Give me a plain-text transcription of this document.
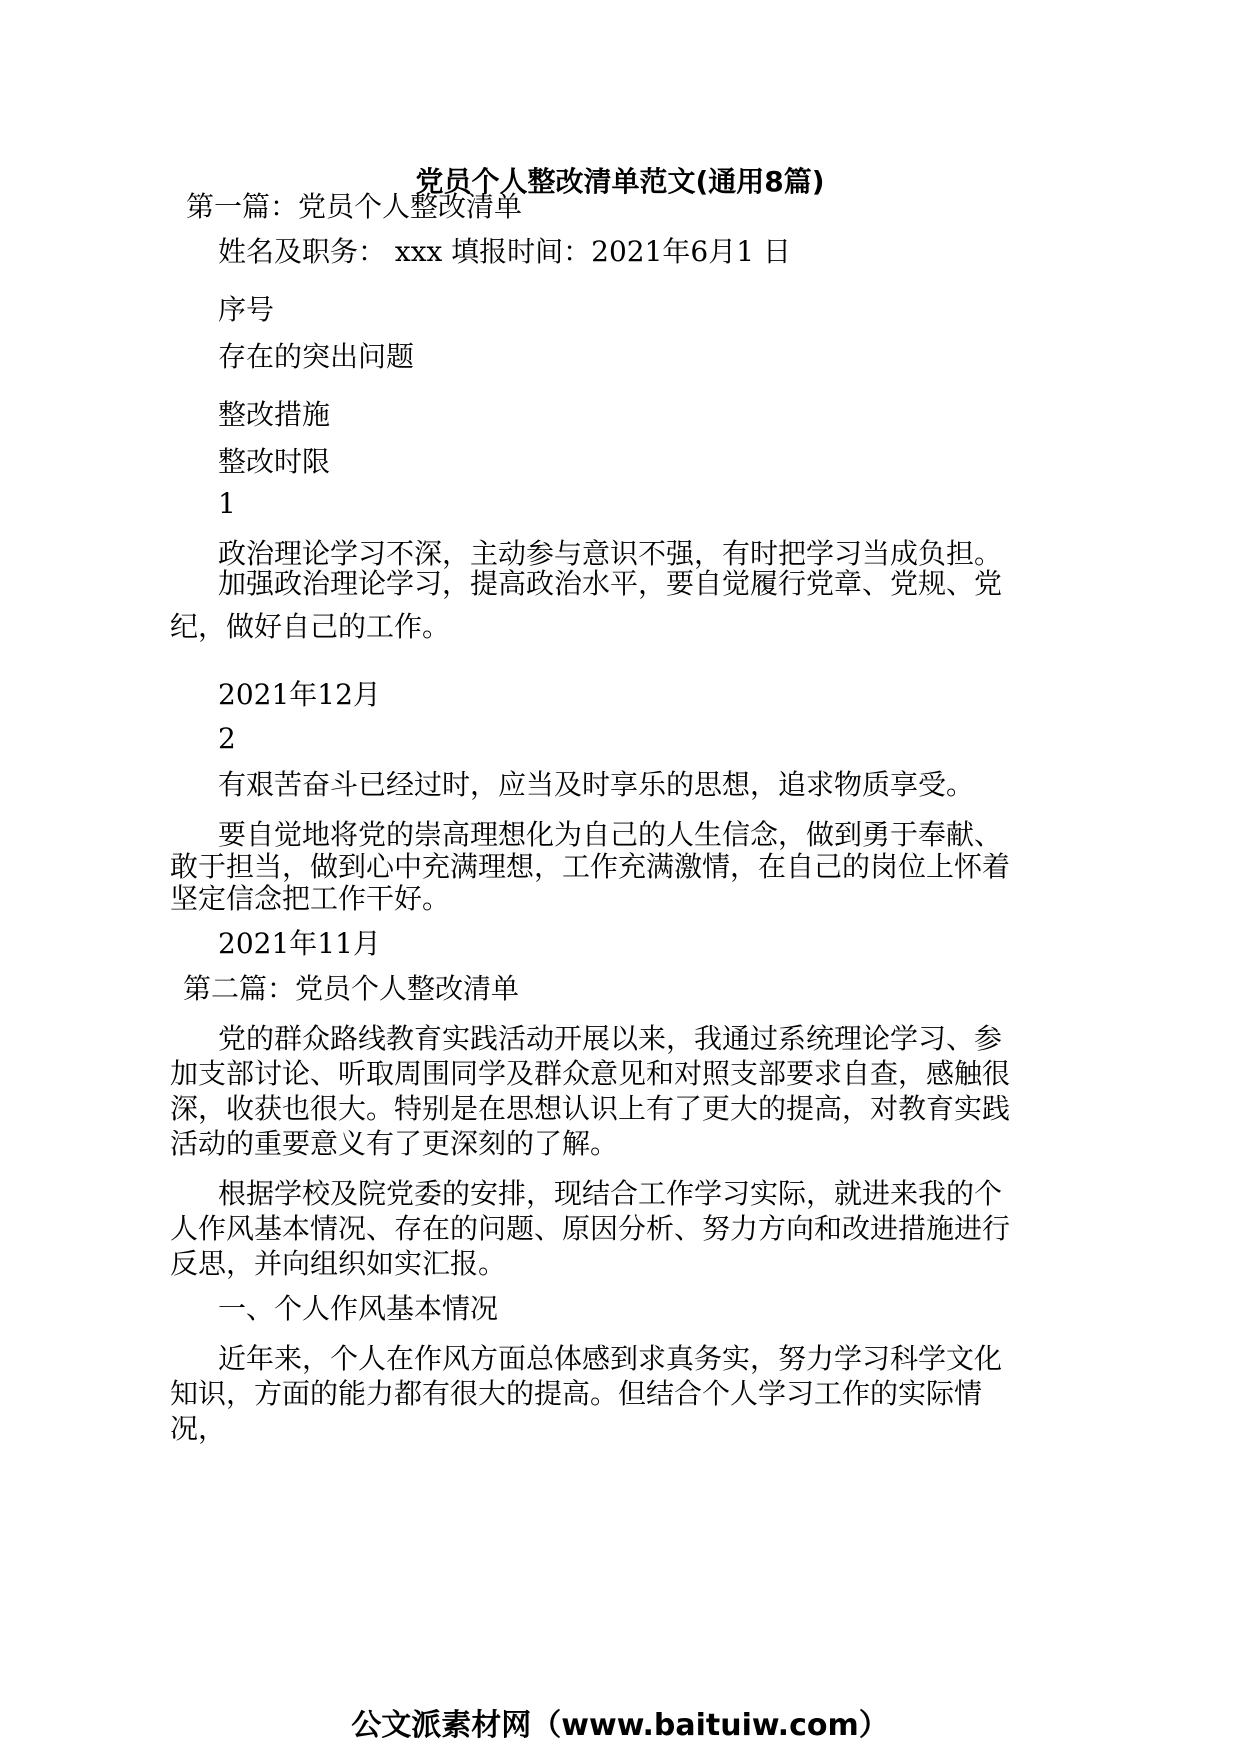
党员个人整改清单范文(通用8篇)
第一篇：党员个人整改清单
姓名及职务： xxx 填报时间：2021年6月1 日
序号
存在的突出问题
整改措施
整改时限
1
政治理论学习不深，主动参与意识不强，有时把学习当成负担。
加强政治理论学习，提高政治水平，要自觉履行党章、党规、党
纪，做好自己的工作。
2021年12月
2
有艰苦奋斗已经过时，应当及时享乐的思想，追求物质享受。
要自觉地将党的崇高理想化为自己的人生信念，做到勇于奉献、
敢于担当，做到心中充满理想，工作充满激情，在自己的岗位上怀着
坚定信念把工作干好。
2021年11月
第二篇：党员个人整改清单
党的群众路线教育实践活动开展以来，我通过系统理论学习、参
加支部讨论、听取周围同学及群众意见和对照支部要求自查，感触很
深，收获也很大。特别是在思想认识上有了更大的提高，对教育实践
活动的重要意义有了更深刻的了解。
根据学校及院党委的安排，现结合工作学习实际，就进来我的个
人作风基本情况、存在的问题、原因分析、努力方向和改进措施进行
反思，并向组织如实汇报。
一、个人作风基本情况
近年来，个人在作风方面总体感到求真务实，努力学习科学文化
知识，方面的能力都有很大的提高。但结合个人学习工作的实际情
况，
公文派素材网（www.baituiw.com）
